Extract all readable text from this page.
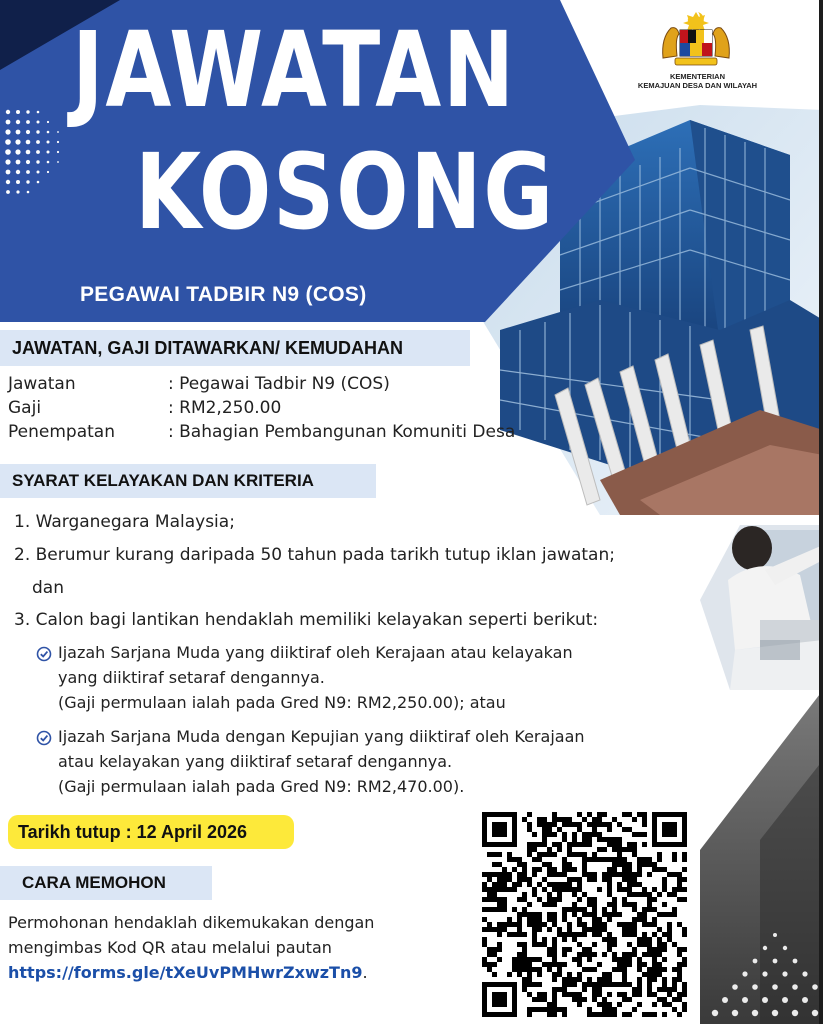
KEMENTERIAN
KEMAJUAN DESA DAN WILAYAH
JAWATAN
KOSONG
PEGAWAI TADBIR N9 (COS)
JAWATAN, GAJI DITAWARKAN/ KEMUDAHAN
Jawatan	: Pegawai Tadbir N9 (COS)
Gaji	: RM2,250.00
Penempatan	: Bahagian Pembangunan Komuniti Desa
SYARAT KELAYAKAN DAN KRITERIA
1. Warganegara Malaysia;
2. Berumur kurang daripada 50 tahun pada tarikh tutup iklan jawatan;
dan
3. Calon bagi lantikan hendaklah memiliki kelayakan seperti berikut:
Ijazah Sarjana Muda yang diiktiraf oleh Kerajaan atau kelayakan
yang diiktiraf setaraf dengannya.
(Gaji permulaan ialah pada Gred N9: RM2,250.00); atau
Ijazah Sarjana Muda dengan Kepujian yang diiktiraf oleh Kerajaan
atau kelayakan yang diiktiraf setaraf dengannya.
(Gaji permulaan ialah pada Gred N9: RM2,470.00).
Tarikh tutup : 12 April 2026
CARA MEMOHON
Permohonan hendaklah dikemukakan dengan
mengimbas Kod QR atau melalui pautan
https://forms.gle/tXeUvPMHwrZxwzTn9.
